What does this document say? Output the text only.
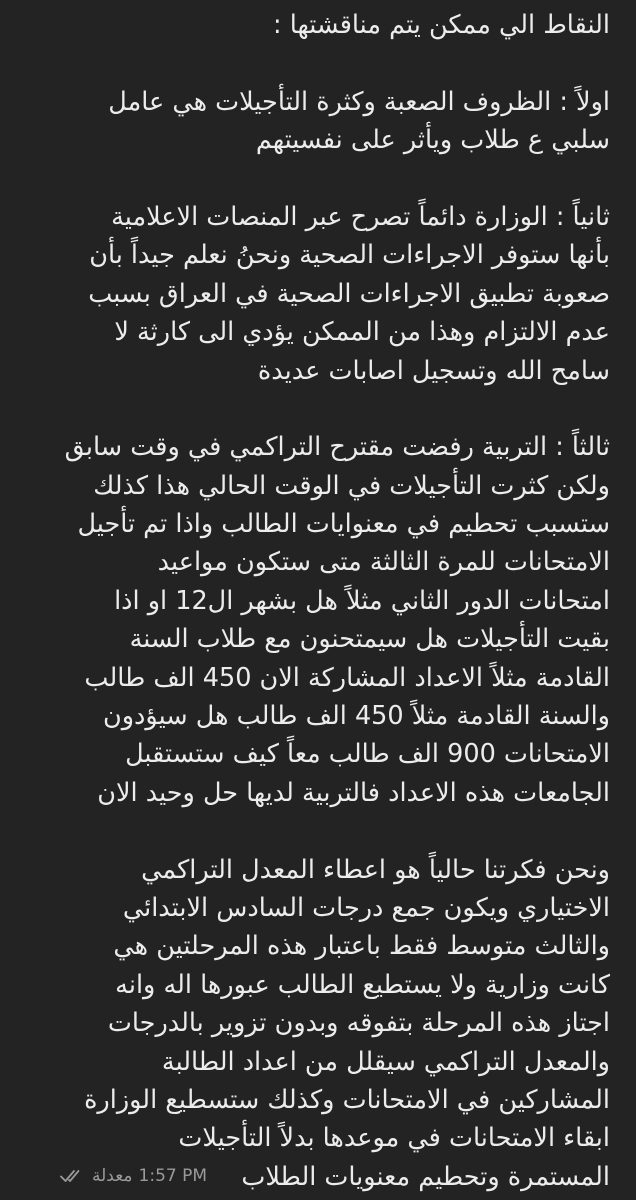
النقاط الي ممكن يتم مناقشتها :
اولاً : الظروف الصعبة وكثرة التأجيلات هي عامل
سلبي ع طلاب ويأثر على نفسيتهم
ثانياً : الوزارة دائماً تصرح عبر المنصات الاعلامية
بأنها ستوفر الاجراءات الصحية ونحنُ نعلم جيداً بأن
صعوبة تطبيق الاجراءات الصحية في العراق بسبب
عدم الالتزام وهذا من الممكن يؤدي الى كارثة لا
سامح الله وتسجيل اصابات عديدة
ثالثاً : التربية رفضت مقترح التراكمي في وقت سابق
ولكن كثرت التأجيلات في الوقت الحالي هذا كذلك
ستسبب تحطيم في معنوايات الطالب واذا تم تأجيل
الامتحانات للمرة الثالثة متى ستكون مواعيد
امتحانات الدور الثاني مثلاً هل بشهر ال12 او اذا
بقيت التأجيلات هل سيمتحنون مع طلاب السنة
القادمة مثلاً الاعداد المشاركة الان 450 الف طالب
والسنة القادمة مثلاً 450 الف طالب هل سيؤدون
الامتحانات 900 الف طالب معاً كيف ستستقبل
الجامعات هذه الاعداد فالتربية لديها حل وحيد الان
ونحن فكرتنا حالياً هو اعطاء المعدل التراكمي
الاختياري ويكون جمع درجات السادس الابتدائي
والثالث متوسط فقط باعتبار هذه المرحلتين هي
كانت وزارية ولا يستطيع الطالب عبورها اله وانه
اجتاز هذه المرحلة بتفوقه وبدون تزوير بالدرجات
والمعدل التراكمي سيقلل من اعداد الطالبة
المشاركين في الامتحانات وكذلك ستسطيع الوزارة
ابقاء الامتحانات في موعدها بدلاً التأجيلات
المستمرة وتحطيم معنويات الطلاب
معدلة 1:57 PM
